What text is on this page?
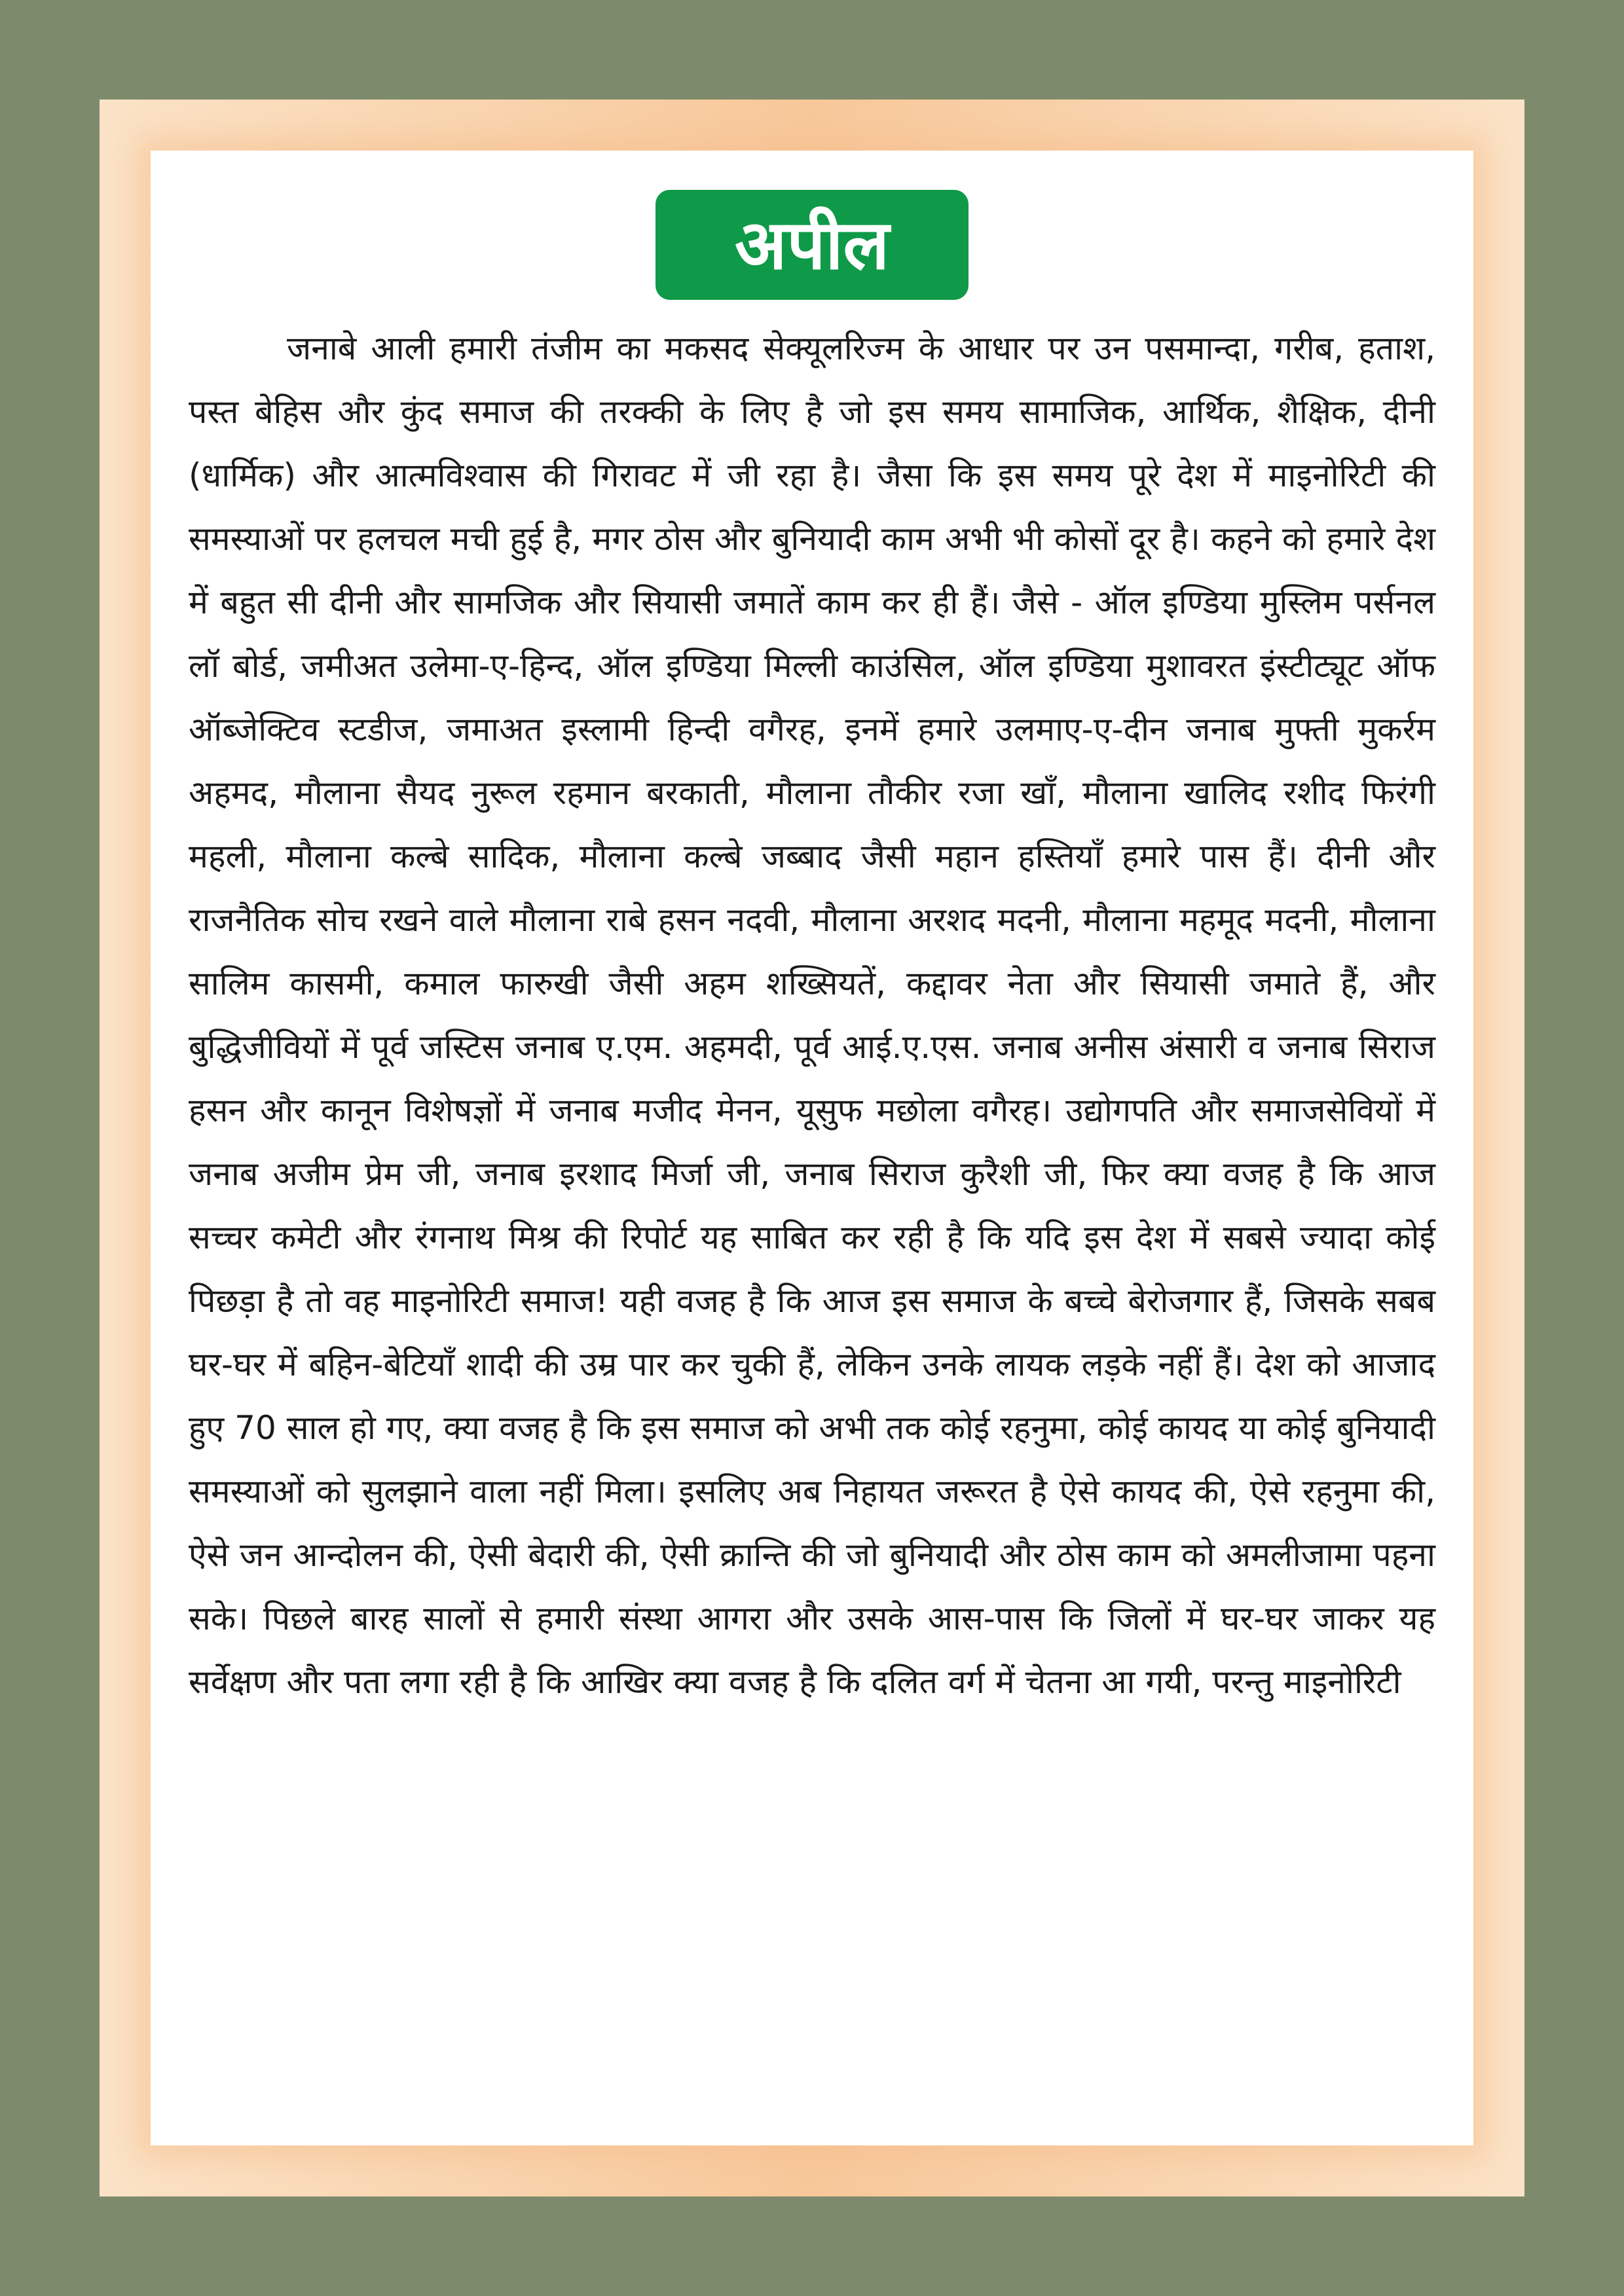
अपील

जनाबे आली हमारी तंजीम का मकसद सेक्यूलरिज्म के आधार पर उन पसमान्दा, गरीब, हताश, पस्त बेहिस और कुंद समाज की तरक्की के लिए है जो इस समय सामाजिक, आर्थिक, शैक्षिक, दीनी (धार्मिक) और आत्मविश्वास की गिरावट में जी रहा है। जैसा कि इस समय पूरे देश में माइनोरिटी की समस्याओं पर हलचल मची हुई है, मगर ठोस और बुनियादी काम अभी भी कोसों दूर है। कहने को हमारे देश में बहुत सी दीनी और सामजिक और सियासी जमातें काम कर ही हैं। जैसे - ऑल इण्डिया मुस्लिम पर्सनल लॉ बोर्ड, जमीअत उलेमा-ए-हिन्द, ऑल इण्डिया मिल्ली काउंसिल, ऑल इण्डिया मुशावरत इंस्टीट्यूट ऑफ ऑब्जेक्टिव स्टडीज, जमाअत इस्लामी हिन्दी वगैरह, इनमें हमारे उलमाए-ए-दीन जनाब मुफ्ती मुकर्रम अहमद, मौलाना सैयद नुरूल रहमान बरकाती, मौलाना तौकीर रजा खाँ, मौलाना खालिद रशीद फिरंगी महली, मौलाना कल्बे सादिक, मौलाना कल्बे जब्बाद जैसी महान हस्तियाँ हमारे पास हैं। दीनी और राजनैतिक सोच रखने वाले मौलाना राबे हसन नदवी, मौलाना अरशद मदनी, मौलाना महमूद मदनी, मौलाना सालिम कासमी, कमाल फारुखी जैसी अहम शख्सियतें, कद्दावर नेता और सियासी जमाते हैं, और बुद्धिजीवियों में पूर्व जस्टिस जनाब ए.एम. अहमदी, पूर्व आई.ए.एस. जनाब अनीस अंसारी व जनाब सिराज हसन और कानून विशेषज्ञों में जनाब मजीद मेनन, यूसुफ मछोला वगैरह। उद्योगपति और समाजसेवियों में जनाब अजीम प्रेम जी, जनाब इरशाद मिर्जा जी, जनाब सिराज कुरैशी जी, फिर क्या वजह है कि आज सच्चर कमेटी और रंगनाथ मिश्र की रिपोर्ट यह साबित कर रही है कि यदि इस देश में सबसे ज्यादा कोई पिछड़ा है तो वह माइनोरिटी समाज! यही वजह है कि आज इस समाज के बच्चे बेरोजगार हैं, जिसके सबब घर-घर में बहिन-बेटियाँ शादी की उम्र पार कर चुकी हैं, लेकिन उनके लायक लड़के नहीं हैं। देश को आजाद हुए 70 साल हो गए, क्या वजह है कि इस समाज को अभी तक कोई रहनुमा, कोई कायद या कोई बुनियादी समस्याओं को सुलझाने वाला नहीं मिला। इसलिए अब निहायत जरूरत है ऐसे कायद की, ऐसे रहनुमा की, ऐसे जन आन्दोलन की, ऐसी बेदारी की, ऐसी क्रान्ति की जो बुनियादी और ठोस काम को अमलीजामा पहना सके। पिछले बारह सालों से हमारी संस्था आगरा और उसके आस-पास कि जिलों में घर-घर जाकर यह सर्वेक्षण और पता लगा रही है कि आखिर क्या वजह है कि दलित वर्ग में चेतना आ गयी, परन्तु माइनोरिटी
